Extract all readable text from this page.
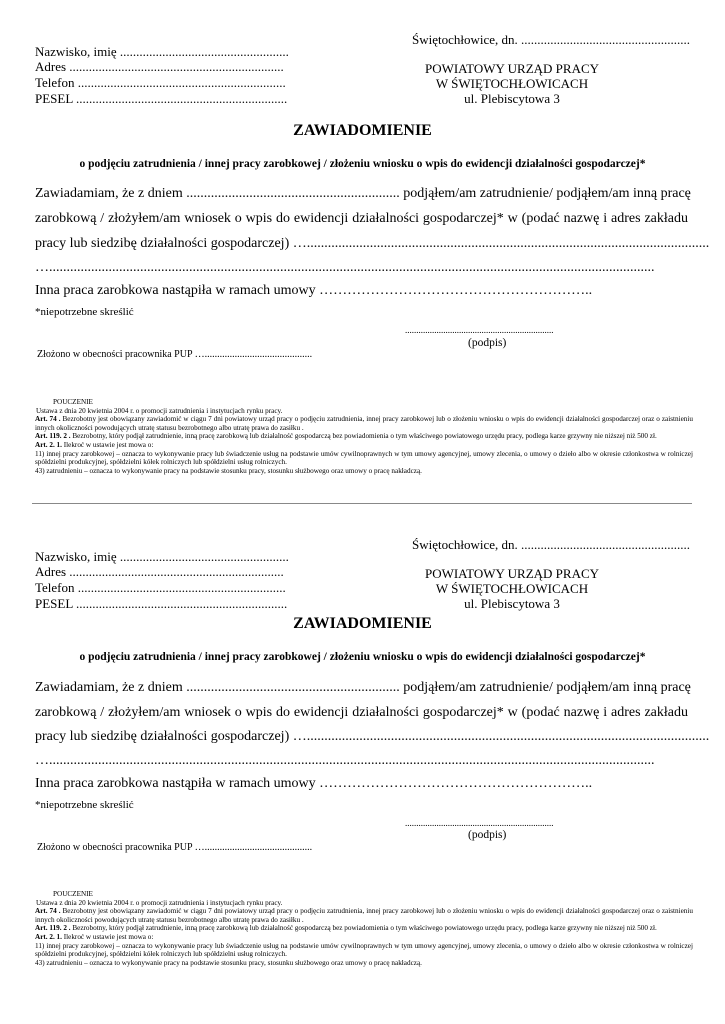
Świętochłowice, dn. ....................................................
Nazwisko, imię ....................................................
Adres ..................................................................
Telefon ................................................................
PESEL .................................................................
POWIATOWY URZĄD PRACY
W ŚWIĘTOCHŁOWICACH
ul. Plebiscytowa 3
ZAWIADOMIENIE
o podjęciu zatrudnienia / innej pracy zarobkowej / złożeniu wniosku o wpis do ewidencji działalności gospodarczej*
Zawiadamiam, że z dniem ............................................................. podjąłem/am zatrudnienie/ podjąłem/am inną pracę
zarobkową / złożyłem/am wniosek o wpis do ewidencji działalności gospodarczej* w (podać nazwę i adres zakładu
pracy lub siedzibę działalności gospodarczej) …...................................................................................................................
….............................................................................................................................................................................
Inna praca zarobkowa nastąpiła w ramach umowy …………………………………………………..
*niepotrzebne skreślić
..................................................................
(podpis)
Złożono w obecności pracownika PUP …...........................................
POUCZENIE
Ustawa z dnia 20 kwietnia 2004 r. o promocji zatrudnienia i instytucjach rynku pracy.
Art. 74 . Bezrobotny jest obowiązany zawiadomić w ciągu 7 dni powiatowy urząd pracy o podjęciu zatrudnienia, innej pracy zarobkowej lub o złożeniu wniosku o wpis do ewidencji działalności gospodarczej oraz o zaistnieniu innych okoliczności powodujących utratę statusu bezrobotnego albo utratę prawa do zasiłku .
Art. 119. 2 . Bezrobotny, który podjął zatrudnienie, inną pracę zarobkową lub działalność gospodarczą bez powiadomienia o tym właściwego powiatowego urzędu pracy, podlega karze grzywny nie niższej niż 500 zł.
Art. 2. 1. Ilekroć w ustawie jest mowa o:
11) innej pracy zarobkowej – oznacza to wykonywanie pracy lub świadczenie usług na podstawie umów cywilnoprawnych w tym umowy agencyjnej, umowy zlecenia, o umowy o dzieło albo w okresie członkostwa w rolniczej spółdzielni produkcyjnej, spółdzielni kółek rolniczych lub spółdzielni usług rolniczych.
43) zatrudnieniu – oznacza to wykonywanie pracy na podstawie stosunku pracy, stosunku służbowego oraz umowy o pracę nakładczą.
Świętochłowice, dn. ....................................................
Nazwisko, imię ....................................................
Adres ..................................................................
Telefon ................................................................
PESEL .................................................................
POWIATOWY URZĄD PRACY
W ŚWIĘTOCHŁOWICACH
ul. Plebiscytowa 3
ZAWIADOMIENIE
o podjęciu zatrudnienia / innej pracy zarobkowej / złożeniu wniosku o wpis do ewidencji działalności gospodarczej*
Zawiadamiam, że z dniem ............................................................. podjąłem/am zatrudnienie/ podjąłem/am inną pracę
zarobkową / złożyłem/am wniosek o wpis do ewidencji działalności gospodarczej* w (podać nazwę i adres zakładu
pracy lub siedzibę działalności gospodarczej) …...................................................................................................................
….............................................................................................................................................................................
Inna praca zarobkowa nastąpiła w ramach umowy …………………………………………………..
*niepotrzebne skreślić
..................................................................
(podpis)
Złożono w obecności pracownika PUP …...........................................
POUCZENIE
Ustawa z dnia 20 kwietnia 2004 r. o promocji zatrudnienia i instytucjach rynku pracy.
Art. 74 . Bezrobotny jest obowiązany zawiadomić w ciągu 7 dni powiatowy urząd pracy o podjęciu zatrudnienia, innej pracy zarobkowej lub o złożeniu wniosku o wpis do ewidencji działalności gospodarczej oraz o zaistnieniu innych okoliczności powodujących utratę statusu bezrobotnego albo utratę prawa do zasiłku .
Art. 119. 2 . Bezrobotny, który podjął zatrudnienie, inną pracę zarobkową lub działalność gospodarczą bez powiadomienia o tym właściwego powiatowego urzędu pracy, podlega karze grzywny nie niższej niż 500 zł.
Art. 2. 1. Ilekroć w ustawie jest mowa o:
11) innej pracy zarobkowej – oznacza to wykonywanie pracy lub świadczenie usług na podstawie umów cywilnoprawnych w tym umowy agencyjnej, umowy zlecenia, o umowy o dzieło albo w okresie członkostwa w rolniczej spółdzielni produkcyjnej, spółdzielni kółek rolniczych lub spółdzielni usług rolniczych.
43) zatrudnieniu – oznacza to wykonywanie pracy na podstawie stosunku pracy, stosunku służbowego oraz umowy o pracę nakładczą.
